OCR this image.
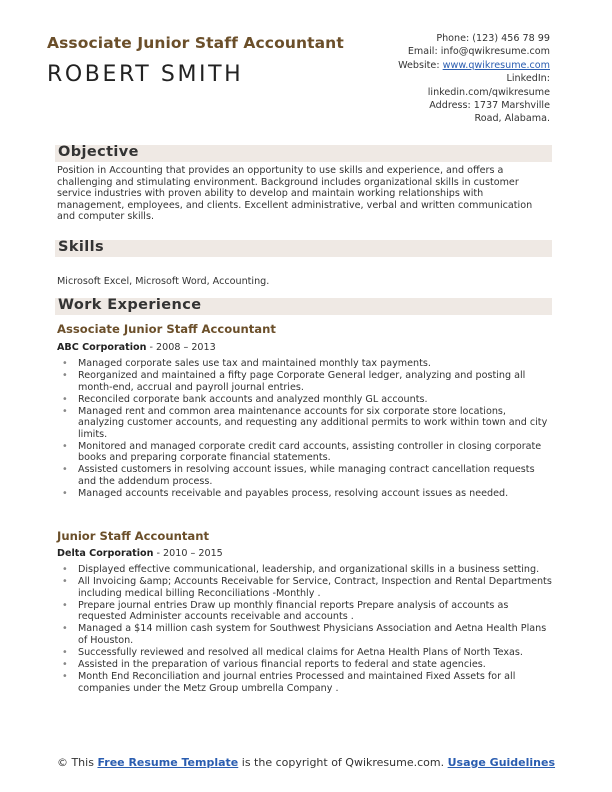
Associate Junior Staff Accountant
ROBERT SMITH
Phone: (123) 456 78 99
Email: info@qwikresume.com
Website: www.qwikresume.com
LinkedIn:
linkedin.com/qwikresume
Address: 1737 Marshville Road, Alabama.
Objective

Position in Accounting that provides an opportunity to use skills and experience, and offers a challenging and stimulating environment. Background includes organizational skills in customer service industries with proven ability to develop and maintain working relationships with management, employees, and clients. Excellent administrative, verbal and written communication and computer skills.

Skills

Microsoft Excel, Microsoft Word, Accounting.

Work Experience
Associate Junior Staff Accountant
ABC Corporation - 2008 – 2013
• Managed corporate sales use tax and maintained monthly tax payments.
• Reorganized and maintained a fifty page Corporate General ledger, analyzing and posting all month-end, accrual and payroll journal entries.
• Reconciled corporate bank accounts and analyzed monthly GL accounts.
• Managed rent and common area maintenance accounts for six corporate store locations, analyzing customer accounts, and requesting any additional permits to work within town and city limits.
• Monitored and managed corporate credit card accounts, assisting controller in closing corporate books and preparing corporate financial statements.
• Assisted customers in resolving account issues, while managing contract cancellation requests and the addendum process.
• Managed accounts receivable and payables process, resolving account issues as needed.
Junior Staff Accountant
Delta Corporation - 2010 – 2015
• Displayed effective communicational, leadership, and organizational skills in a business setting.
• All Invoicing &amp; Accounts Receivable for Service, Contract, Inspection and Rental Departments including medical billing Reconciliations -Monthly .
• Prepare journal entries Draw up monthly financial reports Prepare analysis of accounts as requested Administer accounts receivable and accounts .
• Managed a $14 million cash system for Southwest Physicians Association and Aetna Health Plans of Houston.
• Successfully reviewed and resolved all medical claims for Aetna Health Plans of North Texas.
• Assisted in the preparation of various financial reports to federal and state agencies.
• Month End Reconciliation and journal entries Processed and maintained Fixed Assets for all companies under the Metz Group umbrella Company .
© This Free Resume Template is the copyright of Qwikresume.com. Usage Guidelines
